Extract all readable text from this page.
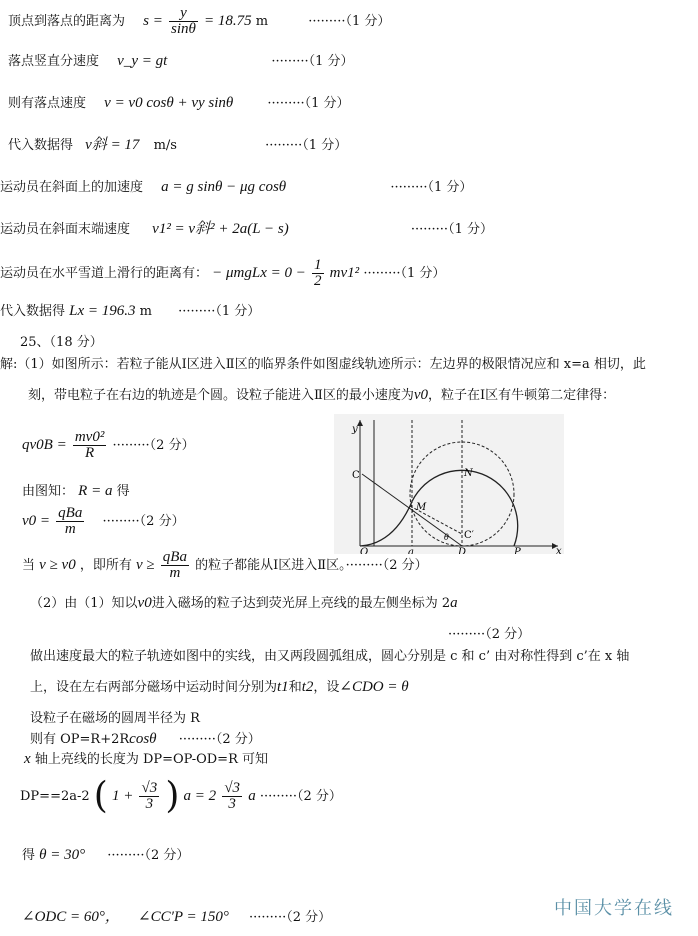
顶点到落点的距离为 $s = \frac{y}{\sin\theta} = 18.75$ m	·········（1 分）
落点竖直分速度 v_y = gt	·········（1 分）
则有落点速度 v = v0 cosθ + vy sinθ	·········（1 分）
代入数据得 v斜 = 17 m/s	·········（1 分）
运动员在斜面上的加速度 a = g sinθ − μg cosθ	·········（1 分）
运动员在斜面末端速度 v1² = v斜² + 2a(L − s)	·········（1 分）
运动员在水平雪道上滑行的距离有： − μmgLx = $0 - \frac{1}{2} mv1^2 \cdot\cdot\cdot\cdot\cdot\cdot\cdot\cdot\cdot(1$ 分）
代入数据得 Lx = 196.3 m ·········（1 分）
25、（18 分）
解:（1）如图所示：若粒子能从Ⅰ区进入Ⅱ区的临界条件如图虚线轨迹所示：左边界的极限情况应和 x=a 相切，此
刻，带电粒子在右边的轨迹是个圆。设粒子能进入Ⅱ区的最小速度为v0，粒子在Ⅰ区有牛顿第二定律得：
$qv0B = \frac{\text{mv0²}}{R} \cdot\cdot\cdot\cdot\cdot\cdot\cdot\cdot\cdot(2$ 分）
由图知： R = a 得
$v0 = \frac{\text{qBa}}{m} \cdot\cdot\cdot\cdot\cdot\cdot\cdot\cdot\cdot(2$ 分）
当 v ≥ v0 ，即所有 $v \ge \frac{\text{qBa}}{m}$ 的粒子都能从Ⅰ区进入Ⅱ区。·········（2 分）
y
x
C	N
M
C′
O	a	D	P
θ
（2）由（1）知以v0进入磁场的粒子达到荧光屏上亮线的最左侧坐标为 2a
·········（2 分）
做出速度最大的粒子轨迹如图中的实线，由又两段圆弧组成，圆心分别是 c 和 c’ 由对称性得到 c’在 x 轴
上，设在左右两部分磁场中运动时间分别为t1和t2，设∠CDO = θ
设粒子在磁场的圆周半径为 R
则有 OP=R+2Rcosθ ·········（2 分）
x 轴上亮线的长度为 DP=OP-OD=R 可知
DP==2a-2 ( $1 + \frac{√3}{3}$ ) $a = 2 \frac{√3}{3}$ a ·········（2 分）
得 θ = 30° ·········（2 分）
∠ODC = 60°， ∠CC′P = 150° ·········（2 分）	中国大学在线
